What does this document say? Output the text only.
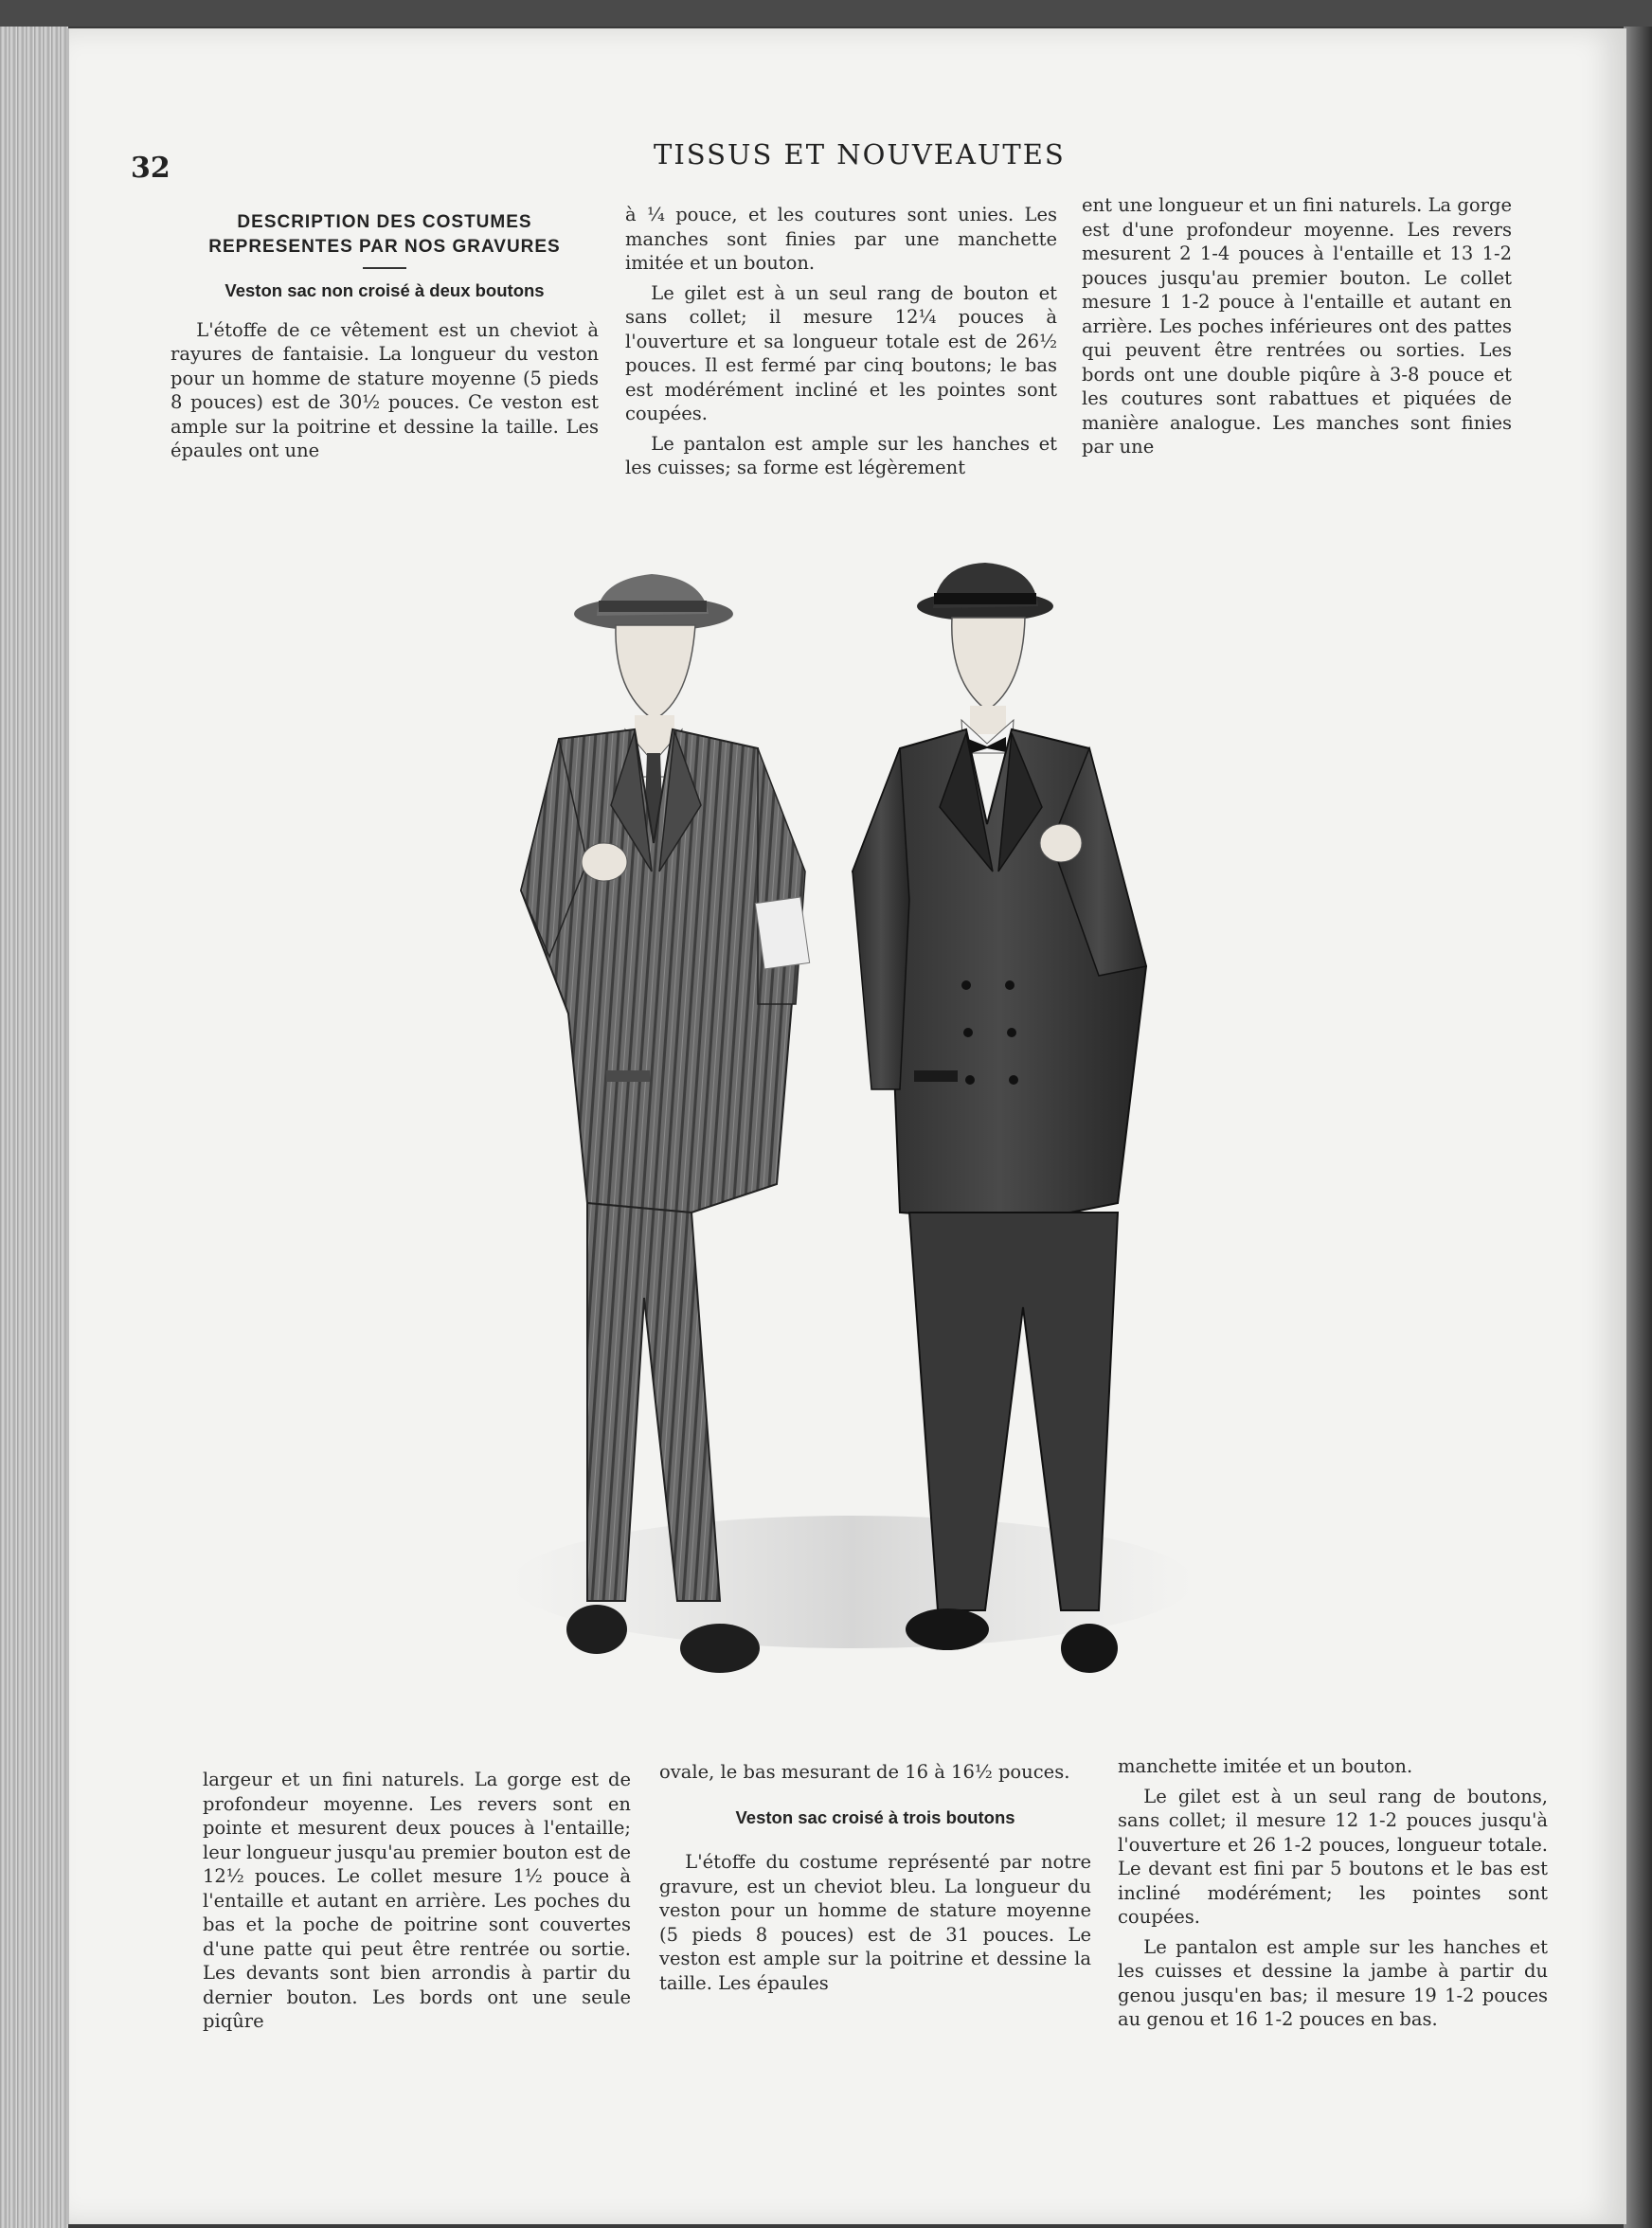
32	TISSUS ET NOUVEAUTES
DESCRIPTION DES COSTUMES REPRESENTES PAR NOS GRAVURES
Veston sac non croisé à deux boutons

L'étoffe de ce vêtement est un cheviot à rayures de fantaisie. La longueur du veston pour un homme de stature moyenne (5 pieds 8 pouces) est de 30½ pouces. Ce veston est ample sur la poitrine et dessine la taille. Les épaules ont une

à ¼ pouce, et les coutures sont unies. Les manches sont finies par une manchette imitée et un bouton.

Le gilet est à un seul rang de bouton et sans collet; il mesure 12¼ pouces à l'ouverture et sa longueur totale est de 26½ pouces. Il est fermé par cinq boutons; le bas est modérément incliné et les pointes sont coupées.

Le pantalon est ample sur les hanches et les cuisses; sa forme est légèrement

ent une longueur et un fini naturels. La gorge est d'une profondeur moyenne. Les revers mesurent 2 1-4 pouces à l'entaille et 13 1-2 pouces jusqu'au premier bouton. Le collet mesure 1 1-2 pouce à l'entaille et autant en arrière. Les poches inférieures ont des pattes qui peuvent être rentrées ou sorties. Les bords ont une double piqûre à 3-8 pouce et les coutures sont rabattues et piquées de manière analogue. Les manches sont finies par une

largeur et un fini naturels. La gorge est de profondeur moyenne. Les revers sont en pointe et mesurent deux pouces à l'entaille; leur longueur jusqu'au premier bouton est de 12½ pouces. Le collet mesure 1½ pouce à l'entaille et autant en arrière. Les poches du bas et la poche de poitrine sont couvertes d'une patte qui peut être rentrée ou sortie. Les devants sont bien arrondis à partir du dernier bouton. Les bords ont une seule piqûre

ovale, le bas mesurant de 16 à 16½ pouces.

Veston sac croisé à trois boutons

L'étoffe du costume représenté par notre gravure, est un cheviot bleu. La longueur du veston pour un homme de stature moyenne (5 pieds 8 pouces) est de 31 pouces. Le veston est ample sur la poitrine et dessine la taille. Les épaules

manchette imitée et un bouton.

Le gilet est à un seul rang de boutons, sans collet; il mesure 12 1-2 pouces jusqu'à l'ouverture et 26 1-2 pouces, longueur totale. Le devant est fini par 5 boutons et le bas est incliné modérément; les pointes sont coupées.

Le pantalon est ample sur les hanches et les cuisses et dessine la jambe à partir du genou jusqu'en bas; il mesure 19 1-2 pouces au genou et 16 1-2 pouces en bas.
